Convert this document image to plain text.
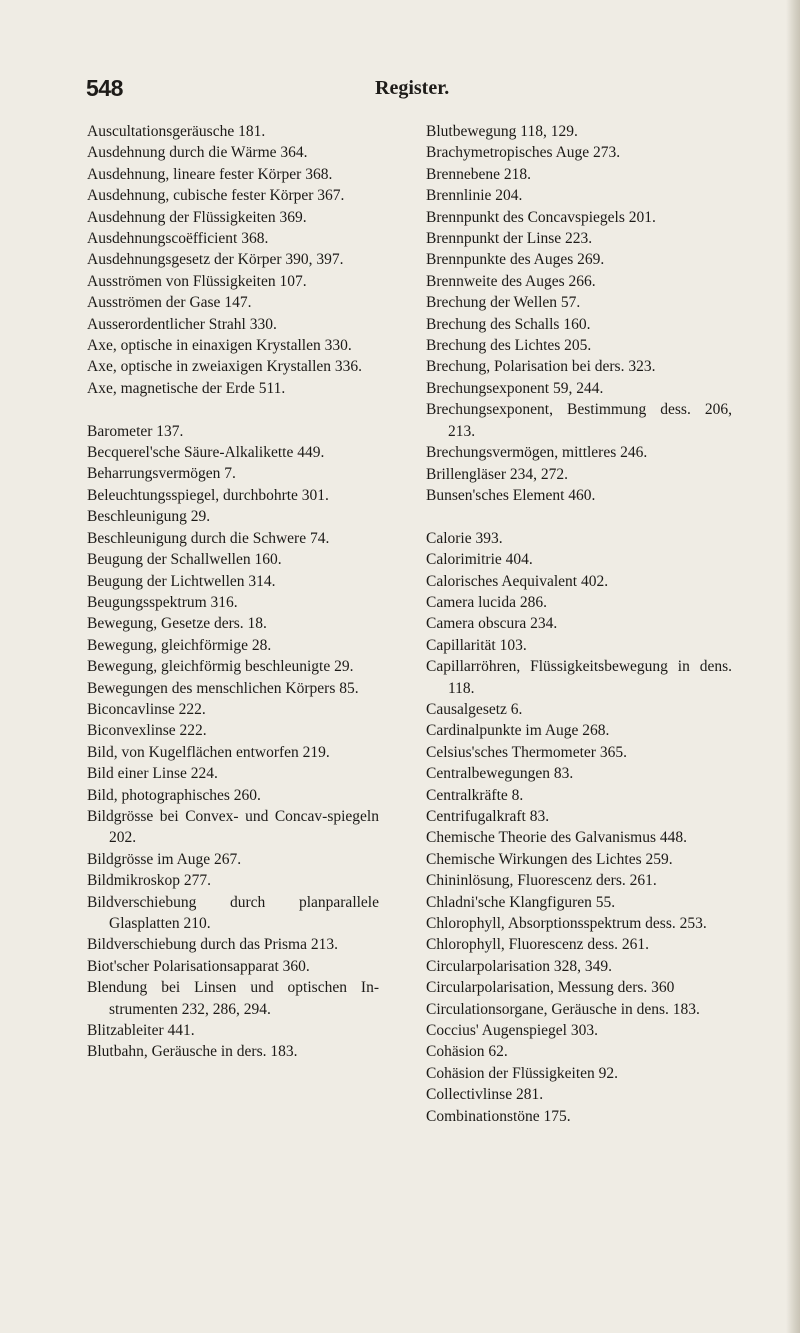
548	Register.
Auscultationsgeräusche 181.
Ausdehnung durch die Wärme 364.
Ausdehnung, lineare fester Körper 368.
Ausdehnung, cubische fester Körper 367.
Ausdehnung der Flüssigkeiten 369.
Ausdehnungscoëfficient 368.
Ausdehnungsgesetz der Körper 390, 397.
Ausströmen von Flüssigkeiten 107.
Ausströmen der Gase 147.
Ausserordentlicher Strahl 330.
Axe, optische in einaxigen Krystallen 330.
Axe, optische in zweiaxigen Krystallen 336.
Axe, magnetische der Erde 511.
Barometer 137.
Becquerel'sche Säure-Alkalikette 449.
Beharrungsvermögen 7.
Beleuchtungsspiegel, durchbohrte 301.
Beschleunigung 29.
Beschleunigung durch die Schwere 74.
Beugung der Schallwellen 160.
Beugung der Lichtwellen 314.
Beugungsspektrum 316.
Bewegung, Gesetze ders. 18.
Bewegung, gleichförmige 28.
Bewegung, gleichförmig beschleunigte 29.
Bewegungen des menschlichen Körpers 85.
Biconcavlinse 222.
Biconvexlinse 222.
Bild, von Kugelflächen entworfen 219.
Bild einer Linse 224.
Bild, photographisches 260.
Bildgrösse bei Convex- und Concav-spiegeln 202.
Bildgrösse im Auge 267.
Bildmikroskop 277.
Bildverschiebung durch planparallele Glasplatten 210.
Bildverschiebung durch das Prisma 213.
Biot'scher Polarisationsapparat 360.
Blendung bei Linsen und optischen In-strumenten 232, 286, 294.
Blitzableiter 441.
Blutbahn, Geräusche in ders. 183.
Blutbewegung 118, 129.
Brachymetropisches Auge 273.
Brennebene 218.
Brennlinie 204.
Brennpunkt des Concavspiegels 201.
Brennpunkt der Linse 223.
Brennpunkte des Auges 269.
Brennweite des Auges 266.
Brechung der Wellen 57.
Brechung des Schalls 160.
Brechung des Lichtes 205.
Brechung, Polarisation bei ders. 323.
Brechungsexponent 59, 244.
Brechungsexponent, Bestimmung dess. 206, 213.
Brechungsvermögen, mittleres 246.
Brillengläser 234, 272.
Bunsen'sches Element 460.
Calorie 393.
Calorimitrie 404.
Calorisches Aequivalent 402.
Camera lucida 286.
Camera obscura 234.
Capillarität 103.
Capillarröhren, Flüssigkeitsbewegung in dens. 118.
Causalgesetz 6.
Cardinalpunkte im Auge 268.
Celsius'sches Thermometer 365.
Centralbewegungen 83.
Centralkräfte 8.
Centrifugalkraft 83.
Chemische Theorie des Galvanismus 448.
Chemische Wirkungen des Lichtes 259.
Chininlösung, Fluorescenz ders. 261.
Chladni'sche Klangfiguren 55.
Chlorophyll, Absorptionsspektrum dess. 253.
Chlorophyll, Fluorescenz dess. 261.
Circularpolarisation 328, 349.
Circularpolarisation, Messung ders. 360
Circulationsorgane, Geräusche in dens. 183.
Coccius' Augenspiegel 303.
Cohäsion 62.
Cohäsion der Flüssigkeiten 92.
Collectivlinse 281.
Combinationstöne 175.
